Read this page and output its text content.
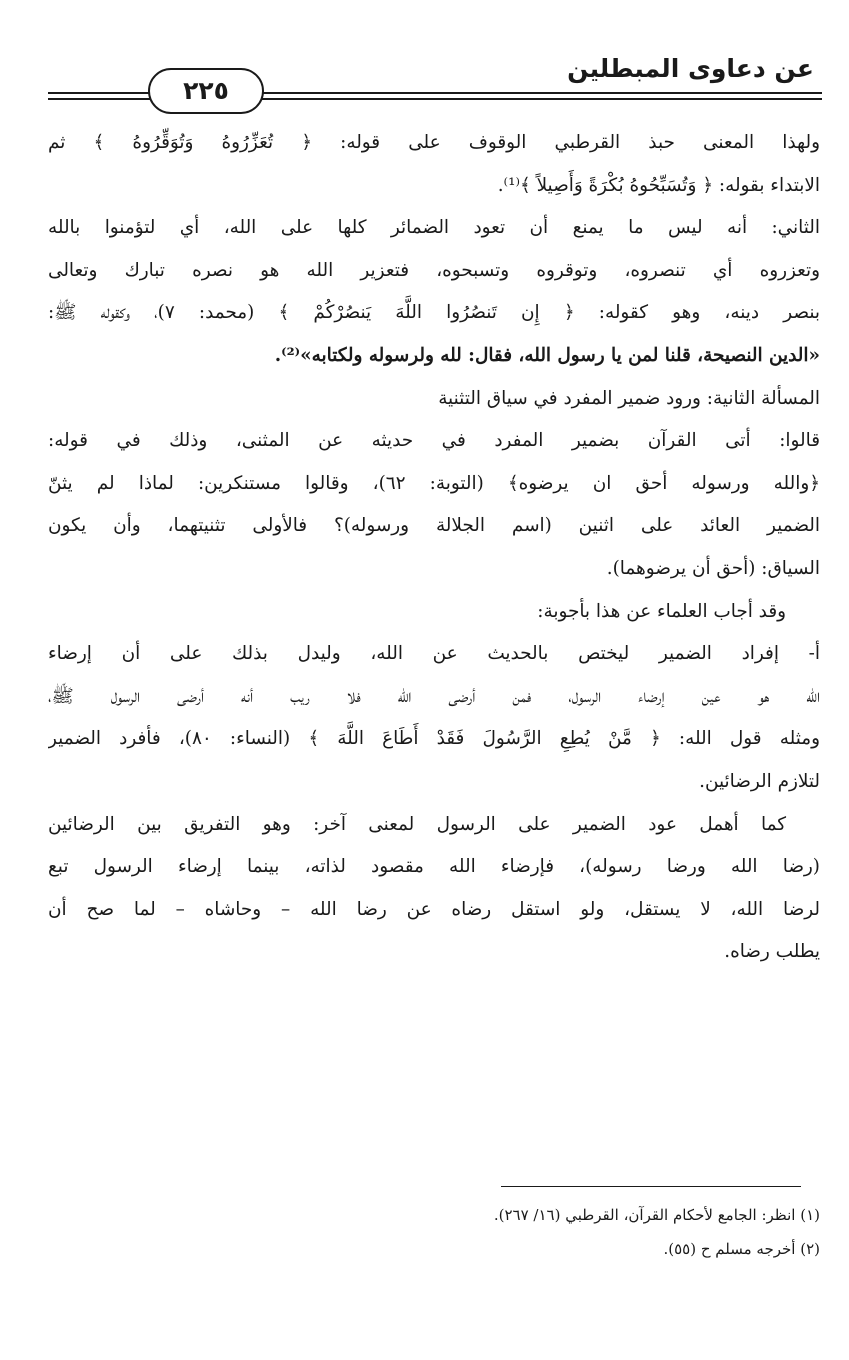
عن دعاوى المبطلين
٢٢٥
ولهذا المعنى حبذ القرطبي الوقوف على قوله: ﴿ تُعَزِّرُوهُ وَتُوَقِّرُوهُ ﴾ ثم
الابتداء بقوله: ﴿ وَتُسَبِّحُوهُ بُكْرَةً وَأَصِيلاً ﴾⁽¹⁾.
الثاني: أنه ليس ما يمنع أن تعود الضمائر كلها على الله، أي لتؤمنوا بالله
وتعزروه أي تنصروه، وتوقروه وتسبحوه، فتعزير الله هو نصره تبارك وتعالى
بنصر دينه، وهو كقوله: ﴿ إِن تَنصُرُوا اللَّهَ يَنصُرْكُمْ ﴾ (محمد: ٧)، وكقوله ﷺ:
«الدين النصيحة، قلنا لمن يا رسول الله، فقال: لله ولرسوله ولكتابه»⁽²⁾.
المسألة الثانية: ورود ضمير المفرد في سياق التثنية
قالوا: أتى القرآن بضمير المفرد في حديثه عن المثنى، وذلك في قوله:
﴿والله ورسوله أحق ان يرضوه﴾ (التوبة: ٦٢)، وقالوا مستنكرين: لماذا لم يثنّ
الضمير العائد على اثنين (اسم الجلالة ورسوله)؟ فالأولى تثنيتهما، وأن يكون
السياق: (أحق أن يرضوهما).
وقد أجاب العلماء عن هذا بأجوبة:
أ- إفراد الضمير ليختص بالحديث عن الله، وليدل بذلك على أن إرضاء
الله هو عين إرضاء الرسول، فمن أرضى الله فلا ريب أنه أرضى الرسول ﷺ،
ومثله قول الله: ﴿ مَّنْ يُطِعِ الرَّسُولَ فَقَدْ أَطَاعَ اللَّهَ ﴾ (النساء: ٨٠)، فأفرد الضمير
لتلازم الرضائين.
كما أهمل عود الضمير على الرسول لمعنى آخر: وهو التفريق بين الرضائين
(رضا الله ورضا رسوله)، فإرضاء الله مقصود لذاته، بينما إرضاء الرسول تبع
لرضا الله، لا يستقل، ولو استقل رضاه عن رضا الله – وحاشاه – لما صح أن
يطلب رضاه.
(١) انظر: الجامع لأحكام القرآن، القرطبي (١٦/ ٢٦٧).
(٢) أخرجه مسلم ح (٥٥).
